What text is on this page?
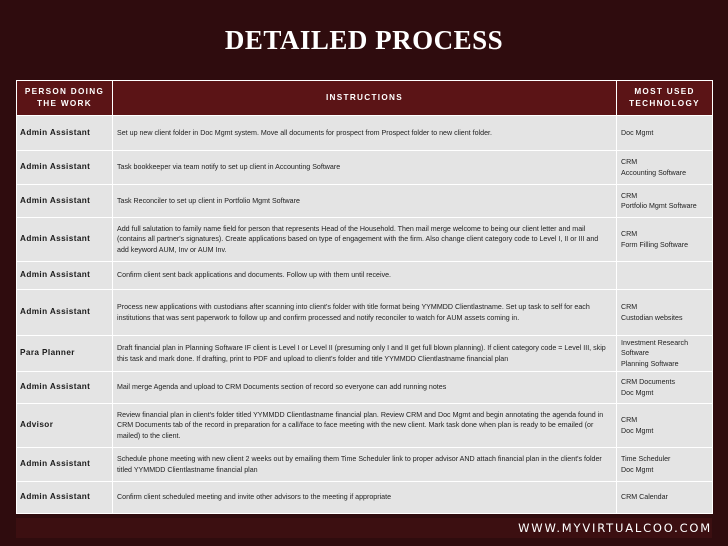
DETAILED PROCESS
PERSON DOING THE WORK	INSTRUCTIONS	MOST USED TECHNOLOGY
Admin Assistant	Set up new client folder in Doc Mgmt system. Move all documents for prospect from Prospect folder to new client folder.	Doc Mgmt

Admin Assistant	Task bookkeeper via team notify to set up client in Accounting Software	CRM
Accounting Software

Admin Assistant	Task Reconciler to set up client in Portfolio Mgmt Software	CRM
Portfolio Mgmt Software

Admin Assistant	Add full salutation to family name field for person that represents Head of the Household. Then mail merge welcome to being our client letter and mail (contains all partner's signatures). Create applications based on type of engagement with the firm. Also change client category code to Level I, II or III and add keyword AUM, Inv or AUM Inv.	CRM
Form Filling Software

Admin Assistant	Confirm client sent back applications and documents. Follow up with them until receive.	
Admin Assistant	Process new applications with custodians after scanning into client's folder with title format being YYMMDD Clientlastname. Set up task to self for each institutions that was sent paperwork to follow up and confirm processed and notify reconciler to watch for AUM assets coming in.	CRM
Custodian websites

Para Planner	Draft financial plan in Planning Software IF client is Level I or Level II (presuming only I and II get full blown planning). If client category code = Level III, skip this task and mark done. If drafting, print to PDF and upload to client's folder and title YYMMDD Clientlastname financial plan	Investment Research Software
Planning Software

Admin Assistant	Mail merge Agenda and upload to CRM Documents section of record so everyone can add running notes	CRM Documents
Doc Mgmt

Advisor	Review financial plan in client's folder titled YYMMDD Clientlastname financial plan. Review CRM and Doc Mgmt and begin annotating the agenda found in CRM Documents tab of the record in preparation for a call/face to face meeting with the new client. Mark task done when plan is ready to be emailed (or mailed) to the client.	CRM
Doc Mgmt

Admin Assistant	Schedule phone meeting with new client 2 weeks out by emailing them Time Scheduler link to proper advisor AND attach financial plan in the client's folder titled YYMMDD Clientlastname financial plan	Time Scheduler
Doc Mgmt

Admin Assistant	Confirm client scheduled meeting and invite other advisors to the meeting if appropriate	CRM Calendar
WWW.MYVIRTUALCOO.COM
